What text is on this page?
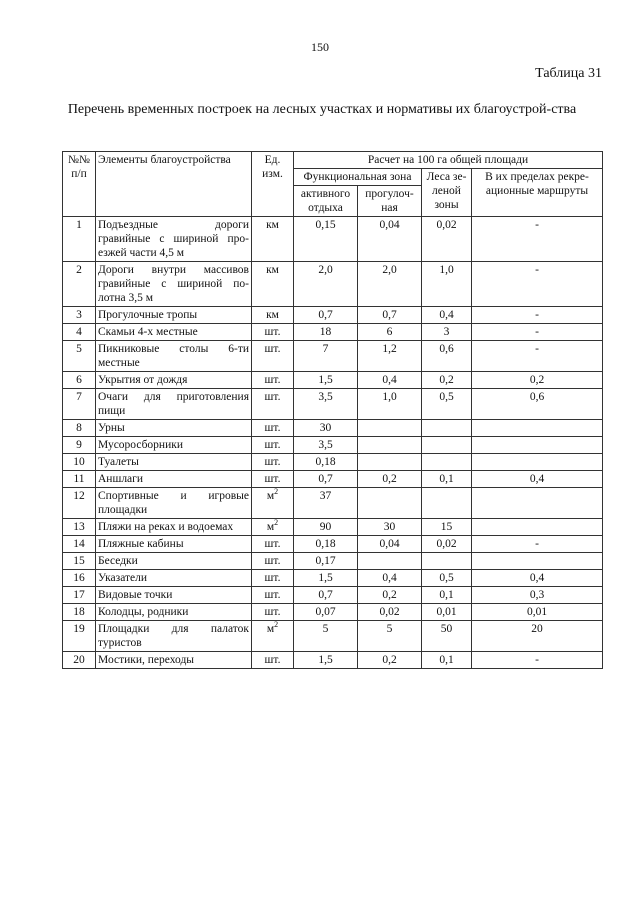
150
Таблица 31
Перечень временных построек на лесных участках и нормативы их благоустрой-ства
№№ п/п	Элементы благоустройства	Ед. изм.	Расчет на 100 га общей площади			
			Функциональная зона		Леса зе-леной зоны	В их пределах рекре-ационные маршруты
			активного отдыха	прогулоч-ная		
1	Подъездные дороги гравийные с шириной про-езжей части 4,5 м	км	0,15	0,04	0,02	-
2	Дороги внутри массивов гравийные с шириной по-лотна 3,5 м	км	2,0	2,0	1,0	-
3	Прогулочные тропы	км	0,7	0,7	0,4	-
4	Скамьи 4-х местные	шт.	18	6	3	-
5	Пикниковые столы 6-ти местные	шт.	7	1,2	0,6	-
6	Укрытия от дождя	шт.	1,5	0,4	0,2	0,2
7	Очаги для приготовления пищи	шт.	3,5	1,0	0,5	0,6
8	Урны	шт.	30			
9	Мусоросборники	шт.	3,5			
10	Туалеты	шт.	0,18			
11	Аншлаги	шт.	0,7	0,2	0,1	0,4
12	Спортивные и игровые площадки	$м^2$	37			
13	Пляжи на реках и водоемах	$м^2$	90	30	15	
14	Пляжные кабины	шт.	0,18	0,04	0,02	-
15	Беседки	шт.	0,17			
16	Указатели	шт.	1,5	0,4	0,5	0,4
17	Видовые точки	шт.	0,7	0,2	0,1	0,3
18	Колодцы, родники	шт.	0,07	0,02	0,01	0,01
19	Площадки для палаток туристов	$м^2$	5	5	50	20
20	Мостики, переходы	шт.	1,5	0,2	0,1	-
